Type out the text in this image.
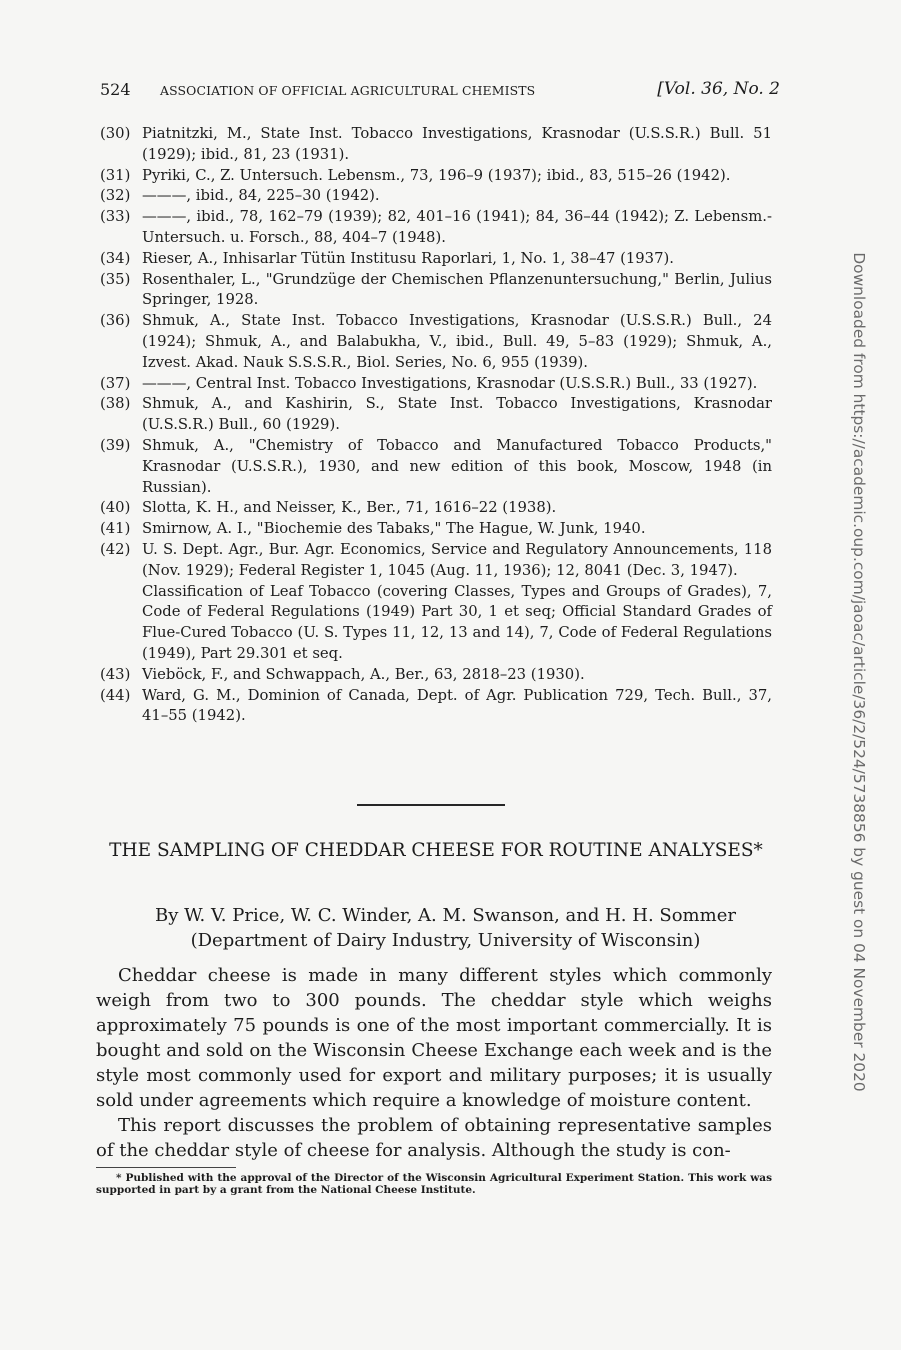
524 ASSOCIATION OF OFFICIAL AGRICULTURAL CHEMISTS	[Vol. 36, No. 2
(30) Piatnitzki, M., State Inst. Tobacco Investigations, Krasnodar (U.S.S.R.) Bull. 51 (1929); ibid., 81, 23 (1931).
(31) Pyriki, C., Z. Untersuch. Lebensm., 73, 196–9 (1937); ibid., 83, 515–26 (1942).
(32) ———, ibid., 84, 225–30 (1942).
(33) ———, ibid., 78, 162–79 (1939); 82, 401–16 (1941); 84, 36–44 (1942); Z. Lebensm.-Untersuch. u. Forsch., 88, 404–7 (1948).
(34) Rieser, A., Inhisarlar Tütün Institusu Raporlari, 1, No. 1, 38–47 (1937).
(35) Rosenthaler, L., "Grundzüge der Chemischen Pflanzenuntersuchung," Berlin, Julius Springer, 1928.
(36) Shmuk, A., State Inst. Tobacco Investigations, Krasnodar (U.S.S.R.) Bull., 24 (1924); Shmuk, A., and Balabukha, V., ibid., Bull. 49, 5–83 (1929); Shmuk, A., Izvest. Akad. Nauk S.S.S.R., Biol. Series, No. 6, 955 (1939).
(37) ———, Central Inst. Tobacco Investigations, Krasnodar (U.S.S.R.) Bull., 33 (1927).
(38) Shmuk, A., and Kashirin, S., State Inst. Tobacco Investigations, Krasnodar (U.S.S.R.) Bull., 60 (1929).
(39) Shmuk, A., "Chemistry of Tobacco and Manufactured Tobacco Products," Krasnodar (U.S.S.R.), 1930, and new edition of this book, Moscow, 1948 (in Russian).
(40) Slotta, K. H., and Neisser, K., Ber., 71, 1616–22 (1938).
(41) Smirnow, A. I., "Biochemie des Tabaks," The Hague, W. Junk, 1940.
(42) U. S. Dept. Agr., Bur. Agr. Economics, Service and Regulatory Announcements, 118 (Nov. 1929); Federal Register 1, 1045 (Aug. 11, 1936); 12, 8041 (Dec. 3, 1947).
Classification of Leaf Tobacco (covering Classes, Types and Groups of Grades), 7, Code of Federal Regulations (1949) Part 30, 1 et seq; Official Standard Grades of Flue-Cured Tobacco (U. S. Types 11, 12, 13 and 14), 7, Code of Federal Regulations (1949), Part 29.301 et seq.
(43) Vieböck, F., and Schwappach, A., Ber., 63, 2818–23 (1930).
(44) Ward, G. M., Dominion of Canada, Dept. of Agr. Publication 729, Tech. Bull., 37, 41–55 (1942).
THE SAMPLING OF CHEDDAR CHEESE FOR ROUTINE ANALYSES*
By W. V. Price, W. C. Winder, A. M. Swanson, and H. H. Sommer (Department of Dairy Industry, University of Wisconsin)

Cheddar cheese is made in many different styles which commonly weigh from two to 300 pounds. The cheddar style which weighs approximately 75 pounds is one of the most important commercially. It is bought and sold on the Wisconsin Cheese Exchange each week and is the style most commonly used for export and military purposes; it is usually sold under agreements which require a knowledge of moisture content.

This report discusses the problem of obtaining representative samples of the cheddar style of cheese for analysis. Although the study is con-

* Published with the approval of the Director of the Wisconsin Agricultural Experiment Station. This work was supported in part by a grant from the National Cheese Institute.
Downloaded from https://academic.oup.com/jaoac/article/36/2/524/5738856 by guest on 04 November 2020
